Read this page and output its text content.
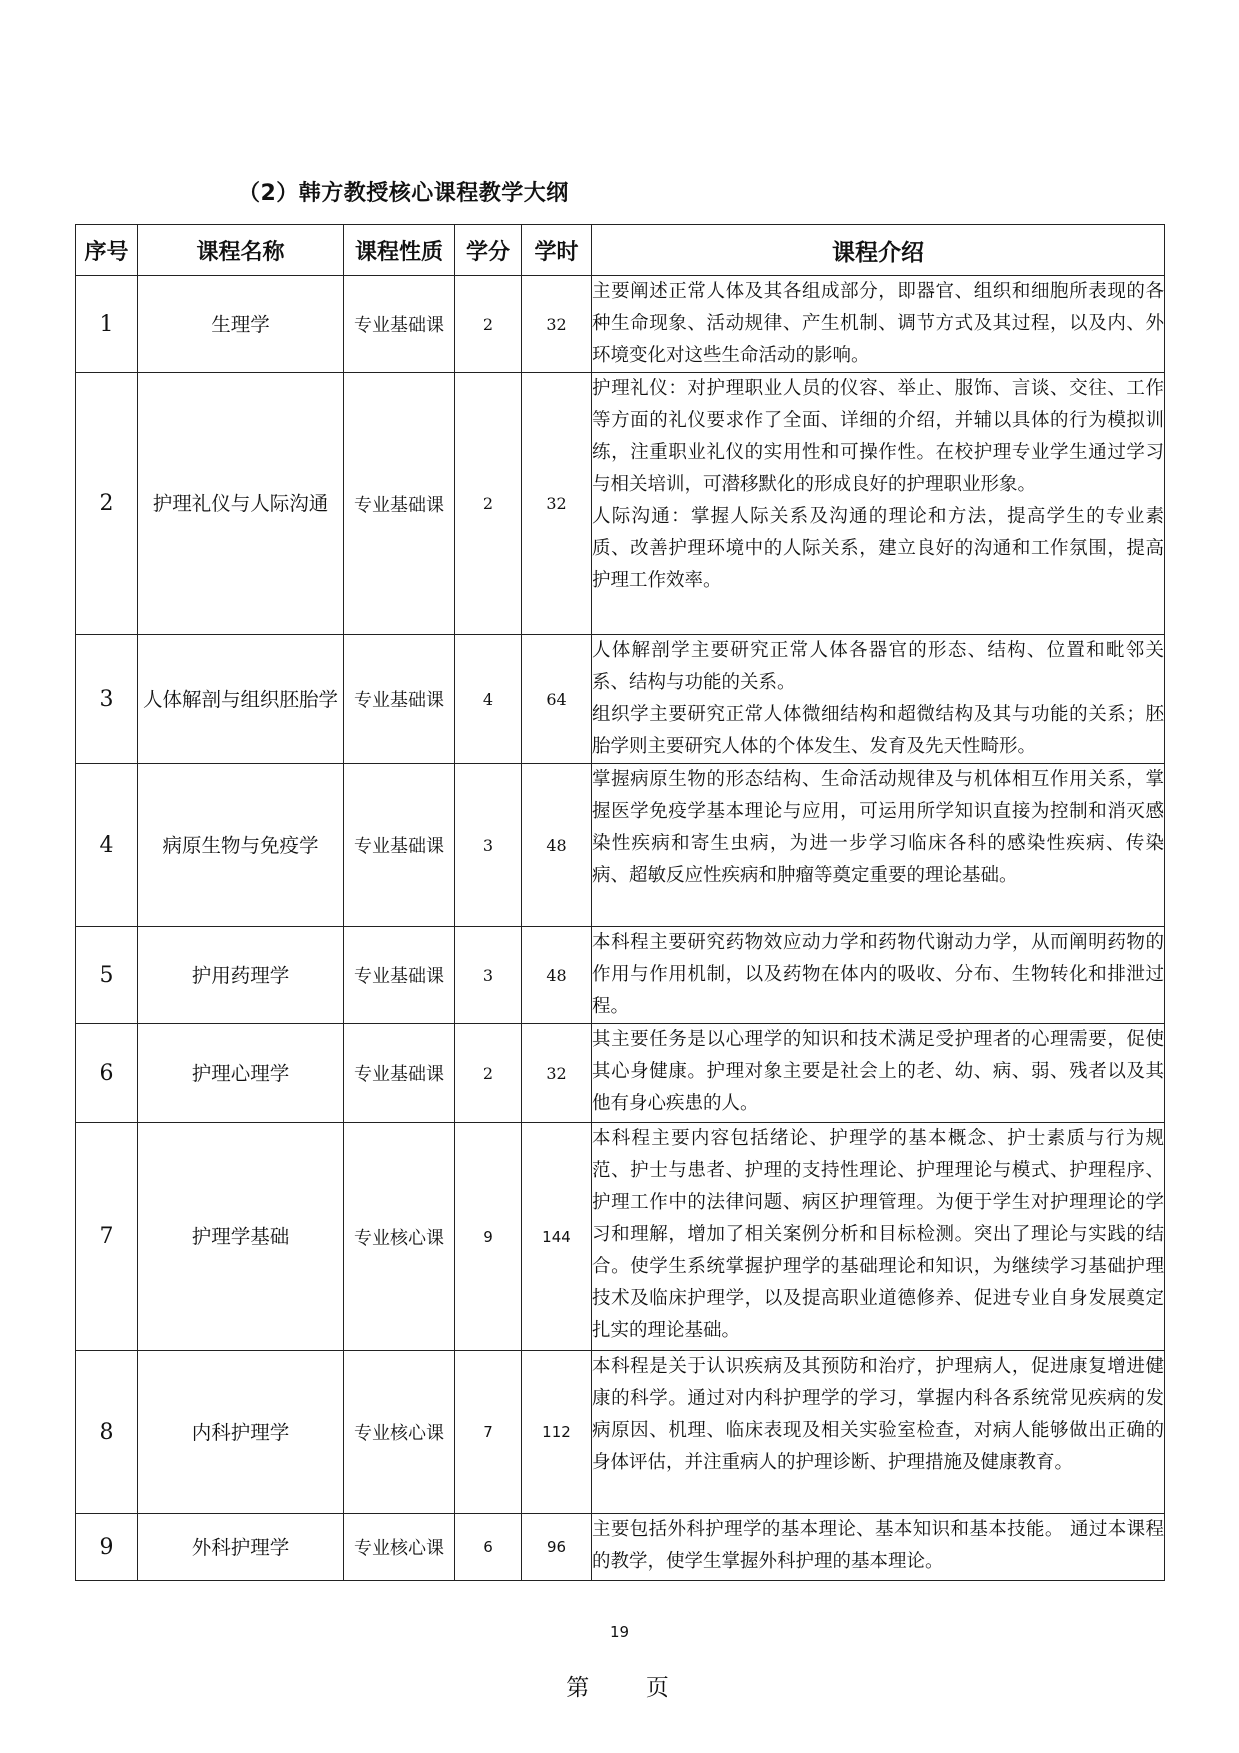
（2）韩方教授核心课程教学大纲
序号	课程名称	课程性质	学分	学时	课程介绍
1	生理学	专业基础课	2	32	主要阐述正常人体及其各组成部分，即器官、组织和细胞所表现的各种生命现象、活动规律、产生机制、调节方式及其过程，以及内、外环境变化对这些生命活动的影响。

2	护理礼仪与人际沟通	专业基础课	2	32	护理礼仪：对护理职业人员的仪容、举止、服饰、言谈、交往、工作等方面的礼仪要求作了全面、详细的介绍，并辅以具体的行为模拟训练，注重职业礼仪的实用性和可操作性。在校护理专业学生通过学习与相关培训，可潜移默化的形成良好的护理职业形象。

人际沟通：掌握人际关系及沟通的理论和方法，提高学生的专业素质、改善护理环境中的人际关系，建立良好的沟通和工作氛围，提高护理工作效率。

3	人体解剖与组织胚胎学	专业基础课	4	64	人体解剖学主要研究正常人体各器官的形态、结构、位置和毗邻关系、结构与功能的关系。

组织学主要研究正常人体微细结构和超微结构及其与功能的关系；胚胎学则主要研究人体的个体发生、发育及先天性畸形。

4	病原生物与免疫学	专业基础课	3	48	掌握病原生物的形态结构、生命活动规律及与机体相互作用关系，掌握医学免疫学基本理论与应用，可运用所学知识直接为控制和消灭感染性疾病和寄生虫病，为进一步学习临床各科的感染性疾病、传染病、超敏反应性疾病和肿瘤等奠定重要的理论基础。

5	护用药理学	专业基础课	3	48	本科程主要研究药物效应动力学和药物代谢动力学，从而阐明药物的作用与作用机制，以及药物在体内的吸收、分布、生物转化和排泄过程。

6	护理心理学	专业基础课	2	32	其主要任务是以心理学的知识和技术满足受护理者的心理需要，促使其心身健康。护理对象主要是社会上的老、幼、病、弱、残者以及其他有身心疾患的人。

7	护理学基础	专业核心课	9	144	本科程主要内容包括绪论、护理学的基本概念、护士素质与行为规范、护士与患者、护理的支持性理论、护理理论与模式、护理程序、护理工作中的法律问题、病区护理管理。为便于学生对护理理论的学习和理解，增加了相关案例分析和目标检测。突出了理论与实践的结合。使学生系统掌握护理学的基础理论和知识，为继续学习基础护理技术及临床护理学，以及提高职业道德修养、促进专业自身发展奠定扎实的理论基础。

8	内科护理学	专业核心课	7	112	本科程是关于认识疾病及其预防和治疗，护理病人，促进康复增进健康的科学。通过对内科护理学的学习，掌握内科各系统常见疾病的发病原因、机理、临床表现及相关实验室检查，对病人能够做出正确的身体评估，并注重病人的护理诊断、护理措施及健康教育。

9	外科护理学	专业核心课	6	96	主要包括外科护理学的基本理论、基本知识和基本技能。 通过本课程的教学，使学生掌握外科护理的基本理论。

19
第 页
